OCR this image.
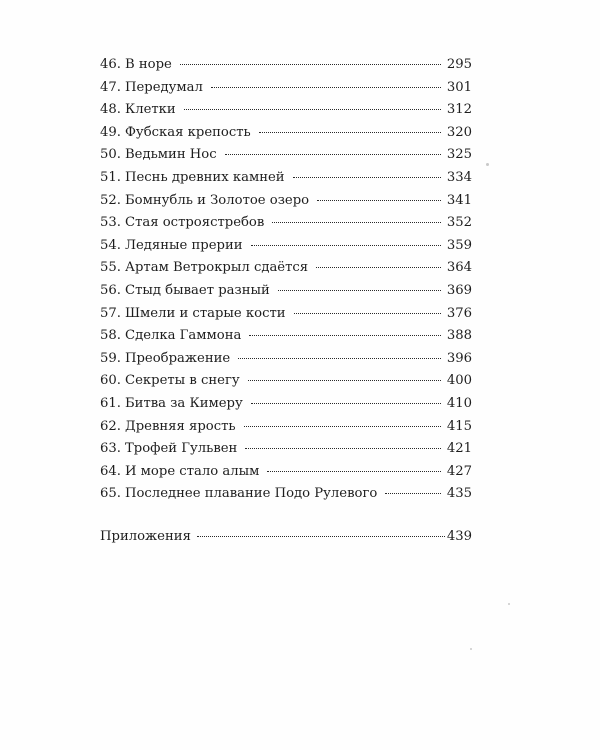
46. В норе	295
47. Передумал	301
48. Клетки	312
49. Фубская крепость	320
50. Ведьмин Нос	325
51. Песнь древних камней	334
52. Бомнубль и Золотое озеро	341
53. Стая остроястребов	352
54. Ледяные прерии	359
55. Артам Ветрокрыл сдаётся	364
56. Стыд бывает разный	369
57. Шмели и старые кости	376
58. Сделка Гаммона	388
59. Преображение	396
60. Секреты в снегу	400
61. Битва за Кимеру	410
62. Древняя ярость	415
63. Трофей Гульвен	421
64. И море стало алым	427
65. Последнее плавание Подо Рулевого	435
Приложения	439
